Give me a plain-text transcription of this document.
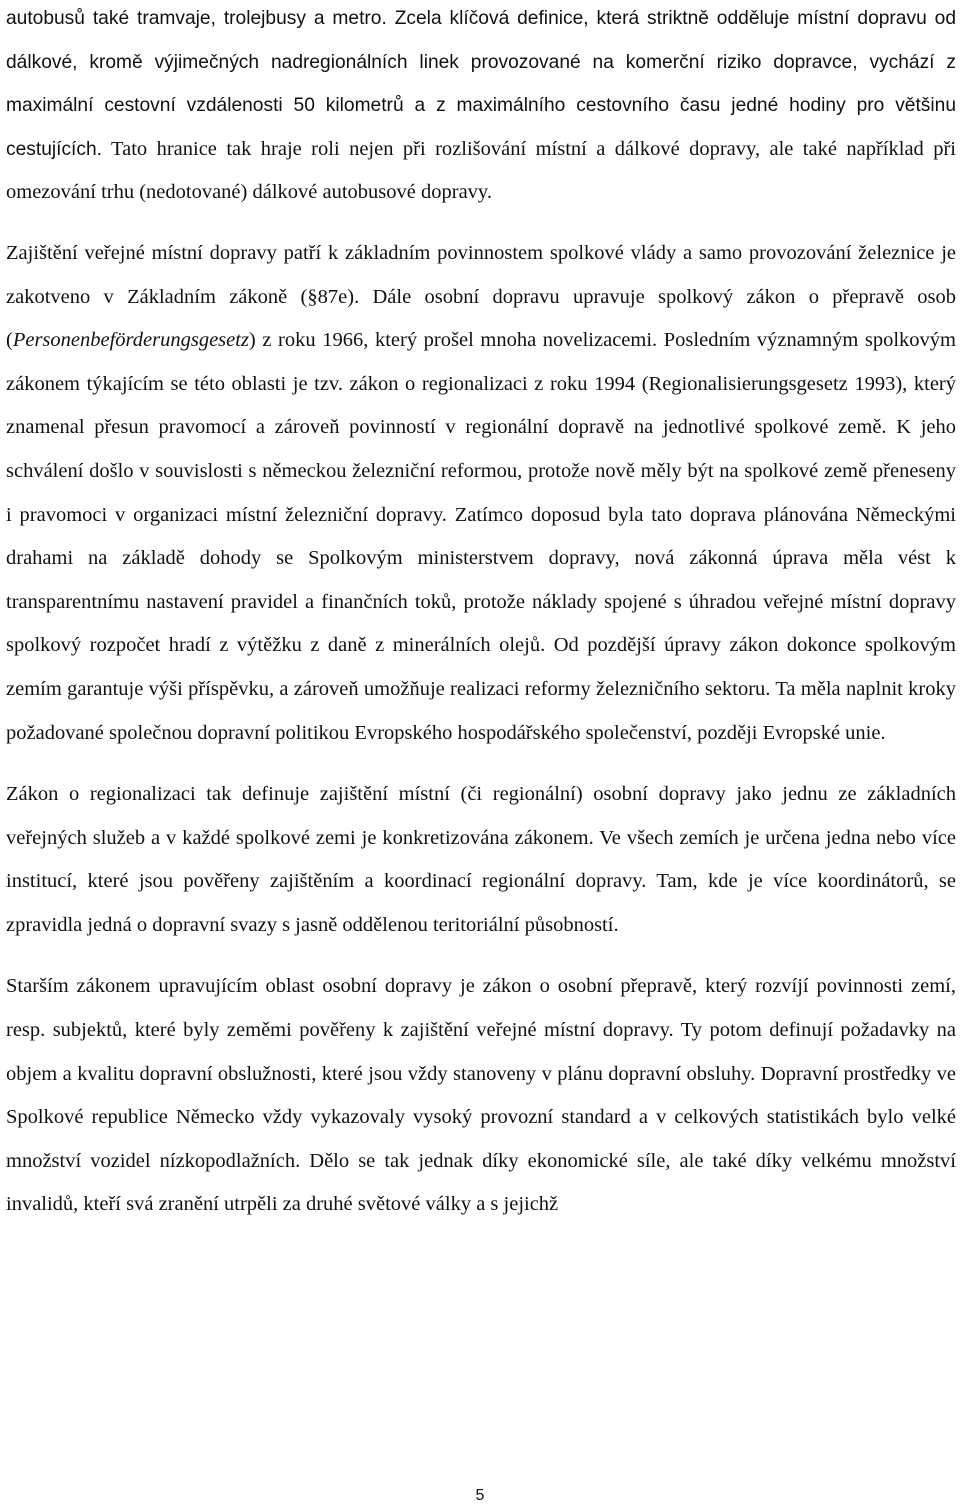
autobusů také tramvaje, trolejbusy a metro. Zcela klíčová definice, která striktně odděluje místní dopravu od dálkové, kromě výjimečných nadregionálních linek provozované na komerční riziko dopravce, vychází z maximální cestovní vzdálenosti 50 kilometrů a z maximálního cestovního času jedné hodiny pro většinu cestujících. Tato hranice tak hraje roli nejen při rozlišování místní a dálkové dopravy, ale také například při omezování trhu (nedotované) dálkové autobusové dopravy.

Zajištění veřejné místní dopravy patří k základním povinnostem spolkové vlády a samo provozování železnice je zakotveno v Základním zákoně (§87e). Dále osobní dopravu upravuje spolkový zákon o přepravě osob (Personenbeförderungsgesetz) z roku 1966, který prošel mnoha novelizacemi. Posledním významným spolkovým zákonem týkajícím se této oblasti je tzv. zákon o regionalizaci z roku 1994 (Regionalisierungsgesetz 1993), který znamenal přesun pravomocí a zároveň povinností v regionální dopravě na jednotlivé spolkové země. K jeho schválení došlo v souvislosti s německou železniční reformou, protože nově měly být na spolkové země přeneseny i pravomoci v organizaci místní železniční dopravy. Zatímco doposud byla tato doprava plánována Německými drahami na základě dohody se Spolkovým ministerstvem dopravy, nová zákonná úprava měla vést k transparentnímu nastavení pravidel a finančních toků, protože náklady spojené s úhradou veřejné místní dopravy spolkový rozpočet hradí z výtěžku z daně z minerálních olejů. Od pozdější úpravy zákon dokonce spolkovým zemím garantuje výši příspěvku, a zároveň umožňuje realizaci reformy železničního sektoru. Ta měla naplnit kroky požadované společnou dopravní politikou Evropského hospodářského společenství, později Evropské unie.

Zákon o regionalizaci tak definuje zajištění místní (či regionální) osobní dopravy jako jednu ze základních veřejných služeb a v každé spolkové zemi je konkretizována zákonem. Ve všech zemích je určena jedna nebo více institucí, které jsou pověřeny zajištěním a koordinací regionální dopravy. Tam, kde je více koordinátorů, se zpravidla jedná o dopravní svazy s jasně oddělenou teritoriální působností.

Starším zákonem upravujícím oblast osobní dopravy je zákon o osobní přepravě, který rozvíjí povinnosti zemí, resp. subjektů, které byly zeměmi pověřeny k zajištění veřejné místní dopravy. Ty potom definují požadavky na objem a kvalitu dopravní obslužnosti, které jsou vždy stanoveny v plánu dopravní obsluhy. Dopravní prostředky ve Spolkové republice Německo vždy vykazovaly vysoký provozní standard a v celkových statistikách bylo velké množství vozidel nízkopodlažních. Dělo se tak jednak díky ekonomické síle, ale také díky velkému množství invalidů, kteří svá zranění utrpěli za druhé světové války a s jejichž

5
